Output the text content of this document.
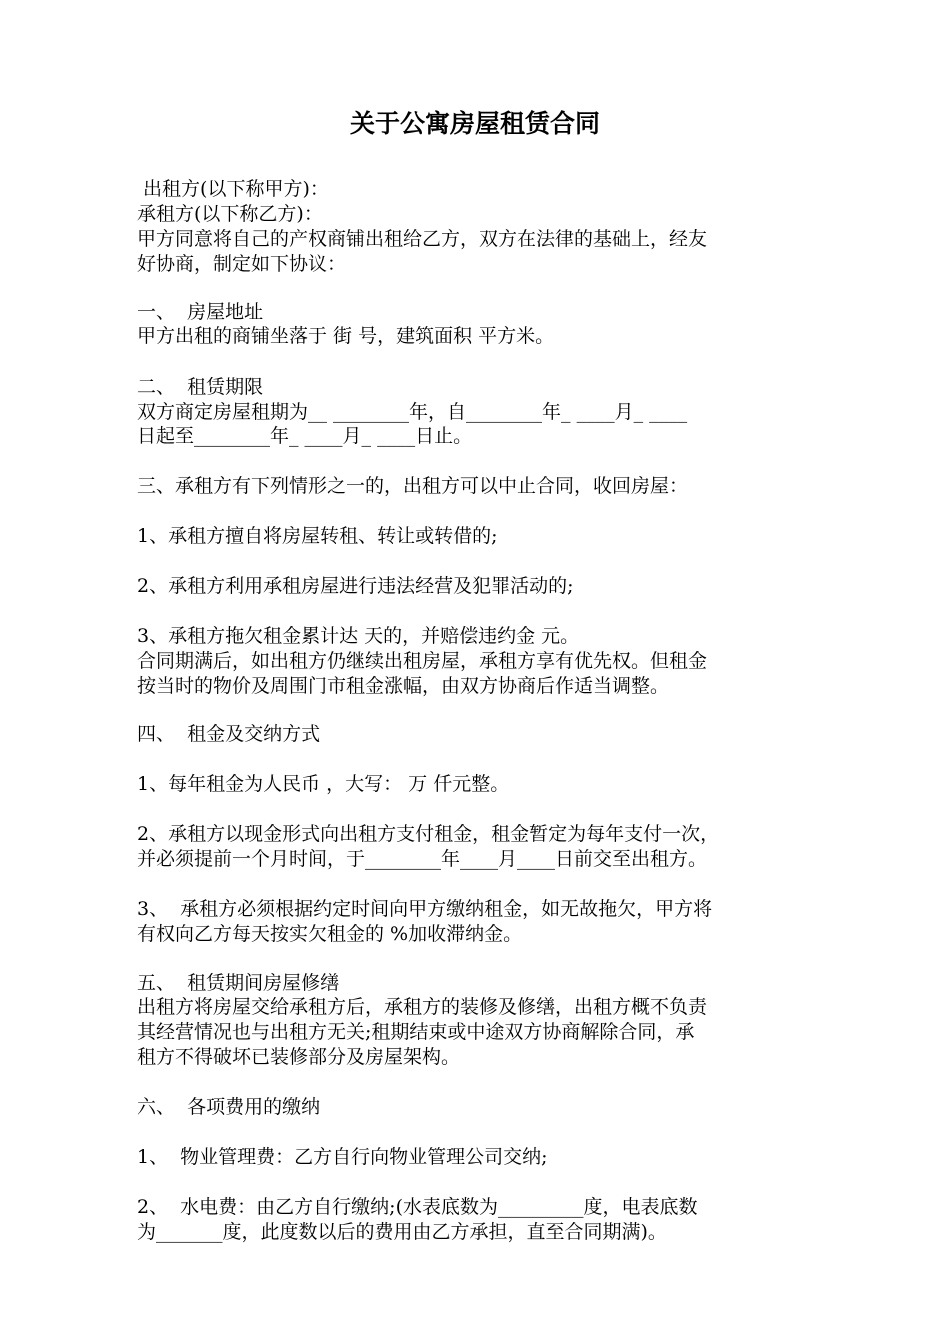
关于公寓房屋租赁合同
出租方(以下称甲方)：
承租方(以下称乙方)：
甲方同意将自己的产权商铺出租给乙方，双方在法律的基础上，经友
好协商，制定如下协议：
一、  房屋地址
甲方出租的商铺坐落于 街 号，建筑面积 平方米。
二、  租赁期限
双方商定房屋租期为__ ________年，自________年_ ____月_ ____
日起至________年_ ____月_ ____日止。
三、承租方有下列情形之一的，出租方可以中止合同，收回房屋：
1、承租方擅自将房屋转租、转让或转借的;
2、承租方利用承租房屋进行违法经营及犯罪活动的;
3、承租方拖欠租金累计达 天的，并赔偿违约金 元。
合同期满后，如出租方仍继续出租房屋，承租方享有优先权。但租金
按当时的物价及周围门市租金涨幅，由双方协商后作适当调整。
四、  租金及交纳方式
1、每年租金为人民币 ，大写： 万 仟元整。
2、承租方以现金形式向出租方支付租金，租金暂定为每年支付一次，
并必须提前一个月时间，于________年____月____日前交至出租方。
3、  承租方必须根据约定时间向甲方缴纳租金，如无故拖欠，甲方将
有权向乙方每天按实欠租金的 %加收滞纳金。
五、  租赁期间房屋修缮
出租方将房屋交给承租方后，承租方的装修及修缮，出租方概不负责
其经营情况也与出租方无关;租期结束或中途双方协商解除合同，承
租方不得破坏已装修部分及房屋架构。
六、  各项费用的缴纳
1、  物业管理费：乙方自行向物业管理公司交纳;
2、  水电费：由乙方自行缴纳;(水表底数为_________度，电表底数
为_______度，此度数以后的费用由乙方承担，直至合同期满)。
